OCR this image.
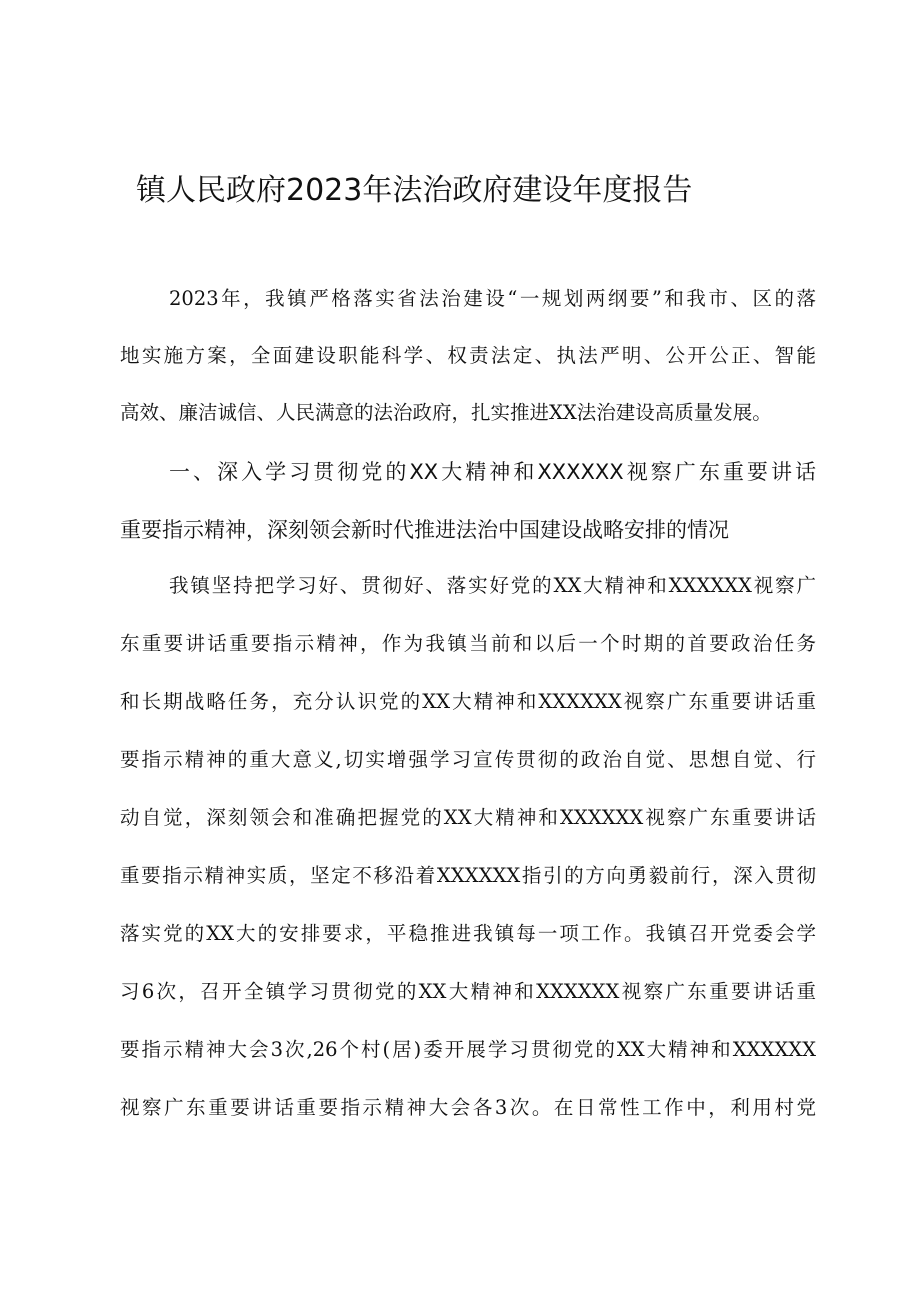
镇人民政府2023年法治政府建设年度报告
2023年，我镇严格落实省法治建设“一规划两纲要”和我市、区的落
地实施方案，全面建设职能科学、权责法定、执法严明、公开公正、智能
高效、廉洁诚信、人民满意的法治政府，扎实推进XX法治建设高质量发展。
一、深入学习贯彻党的XX大精神和XXXXXX视察广东重要讲话
重要指示精神，深刻领会新时代推进法治中国建设战略安排的情况
我镇坚持把学习好、贯彻好、落实好党的XX大精神和XXXXXX视察广
东重要讲话重要指示精神，作为我镇当前和以后一个时期的首要政治任务
和长期战略任务，充分认识党的XX大精神和XXXXXX视察广东重要讲话重
要指示精神的重大意义,切实增强学习宣传贯彻的政治自觉、思想自觉、行
动自觉，深刻领会和准确把握党的XX大精神和XXXXXX视察广东重要讲话
重要指示精神实质，坚定不移沿着XXXXXX指引的方向勇毅前行，深入贯彻
落实党的XX大的安排要求，平稳推进我镇每一项工作。我镇召开党委会学
习6次，召开全镇学习贯彻党的XX大精神和XXXXXX视察广东重要讲话重
要指示精神大会3次,26个村(居)委开展学习贯彻党的XX大精神和XXXXXX
视察广东重要讲话重要指示精神大会各3次。在日常性工作中，利用村党
